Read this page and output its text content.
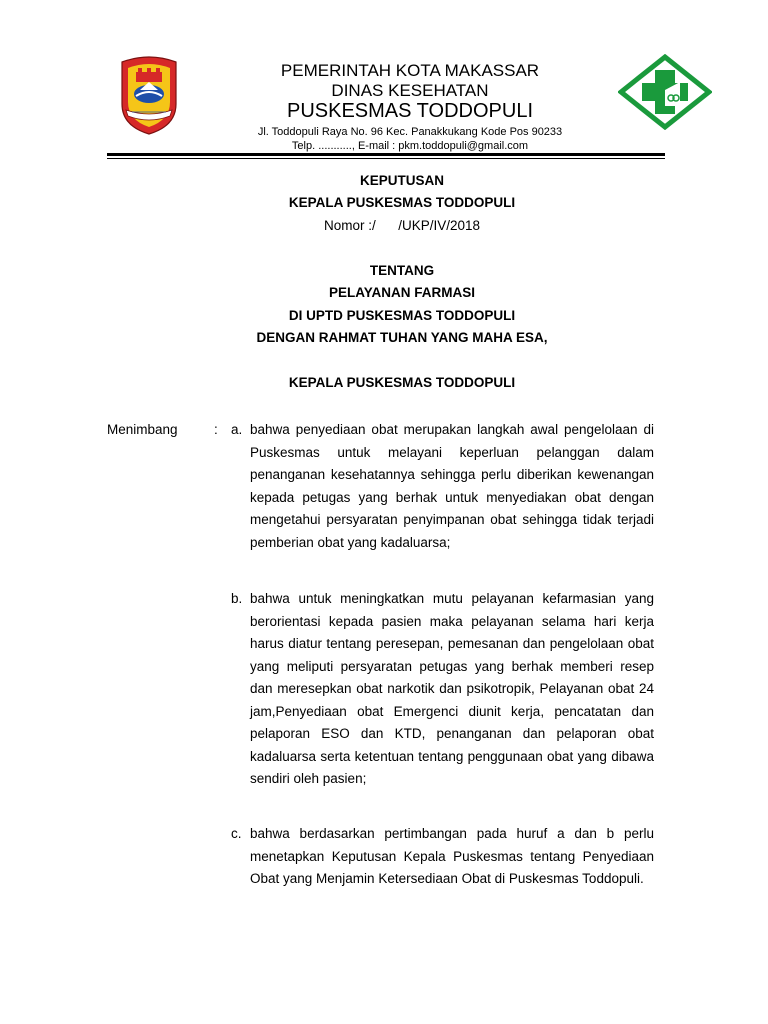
PEMERINTAH KOTA MAKASSAR
DINAS KESEHATAN
PUSKESMAS TODDOPULI
Jl. Toddopuli Raya No. 96 Kec. Panakkukang Kode Pos 90233
Telp. ..........., E-mail : pkm.toddopuli@gmail.com
KEPUTUSAN
KEPALA PUSKESMAS TODDOPULI
Nomor :/      /UKP/IV/2018
TENTANG
PELAYANAN FARMASI
DI UPTD PUSKESMAS TODDOPULI
DENGAN RAHMAT TUHAN YANG MAHA ESA,
KEPALA PUSKESMAS TODDOPULI
Menimbang	: a. bahwa penyediaan obat merupakan langkah awal pengelolaan di Puskesmas untuk melayani keperluan pelanggan dalam penanganan kesehatannya sehingga perlu diberikan kewenangan kepada petugas yang berhak untuk menyediakan obat dengan mengetahui persyaratan penyimpanan obat sehingga tidak terjadi pemberian obat yang kadaluarsa;
b. bahwa untuk meningkatkan mutu pelayanan kefarmasian yang berorientasi kepada pasien maka pelayanan selama hari kerja harus diatur tentang peresepan, pemesanan dan pengelolaan obat yang meliputi persyaratan petugas yang berhak memberi resep dan meresepkan obat narkotik dan psikotropik, Pelayanan obat 24 jam,Penyediaan obat Emergenci diunit kerja, pencatatan dan pelaporan ESO dan KTD, penanganan dan pelaporan obat kadaluarsa serta ketentuan tentang penggunaan obat yang dibawa sendiri oleh pasien;
c. bahwa berdasarkan pertimbangan pada huruf a dan b perlu menetapkan Keputusan Kepala Puskesmas tentang Penyediaan Obat yang Menjamin Ketersediaan Obat di Puskesmas Toddopuli.
